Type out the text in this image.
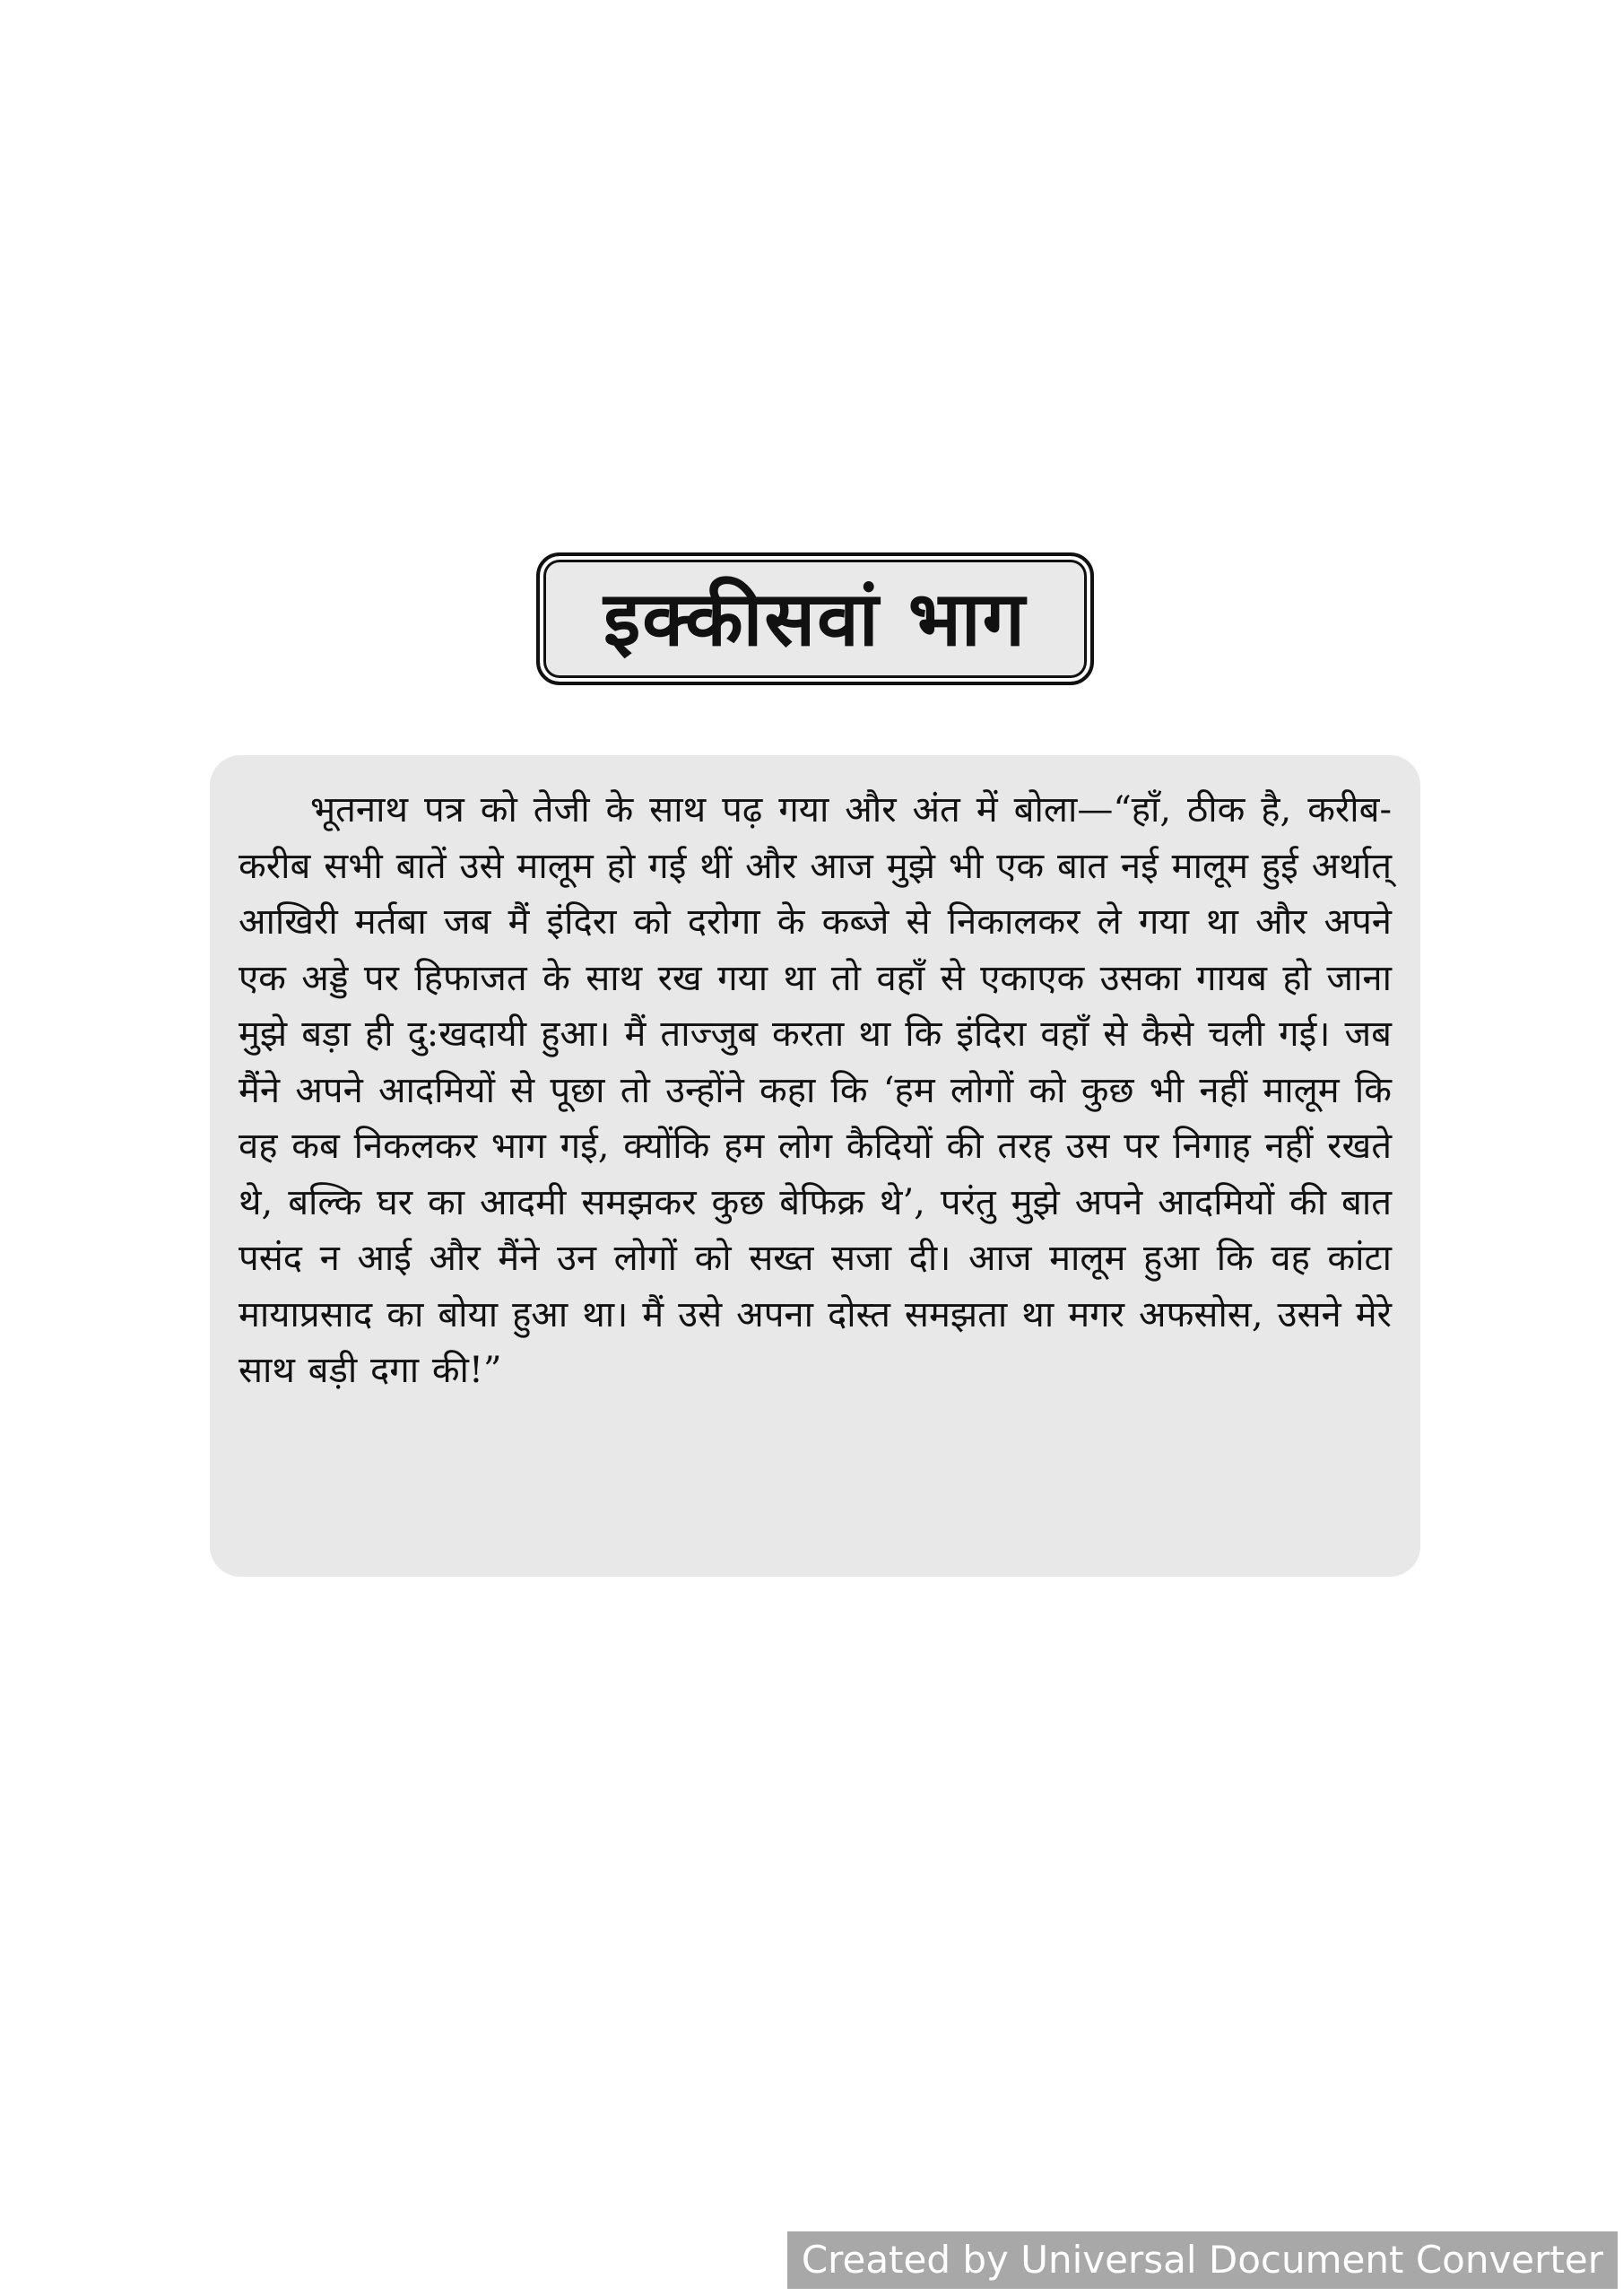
इक्कीसवां भाग

भूतनाथ पत्र को तेजी के साथ पढ़ गया और अंत में बोला—“हाँ, ठीक है, करीब-करीब सभी बातें उसे मालूम हो गई थीं और आज मुझे भी एक बात नई मालूम हुई अर्थात् आखिरी मर्तबा जब मैं इंदिरा को दरोगा के कब्जे से निकालकर ले गया था और अपने एक अड्डे पर हिफाजत के साथ रख गया था तो वहाँ से एकाएक उसका गायब हो जाना मुझे बड़ा ही दु:खदायी हुआ। मैं ताज्जुब करता था कि इंदिरा वहाँ से कैसे चली गई। जब मैंने अपने आदमियों से पूछा तो उन्होंने कहा कि ‘हम लोगों को कुछ भी नहीं मालूम कि वह कब निकलकर भाग गई, क्योंकि हम लोग कैदियों की तरह उस पर निगाह नहीं रखते थे, बल्कि घर का आदमी समझकर कुछ बेफिक्र थे’, परंतु मुझे अपने आदमियों की बात पसंद न आई और मैंने उन लोगों को सख्त सजा दी। आज मालूम हुआ कि वह कांटा मायाप्रसाद का बोया हुआ था। मैं उसे अपना दोस्त समझता था मगर अफसोस, उसने मेरे साथ बड़ी दगा की!”

Created by Universal Document Converter
